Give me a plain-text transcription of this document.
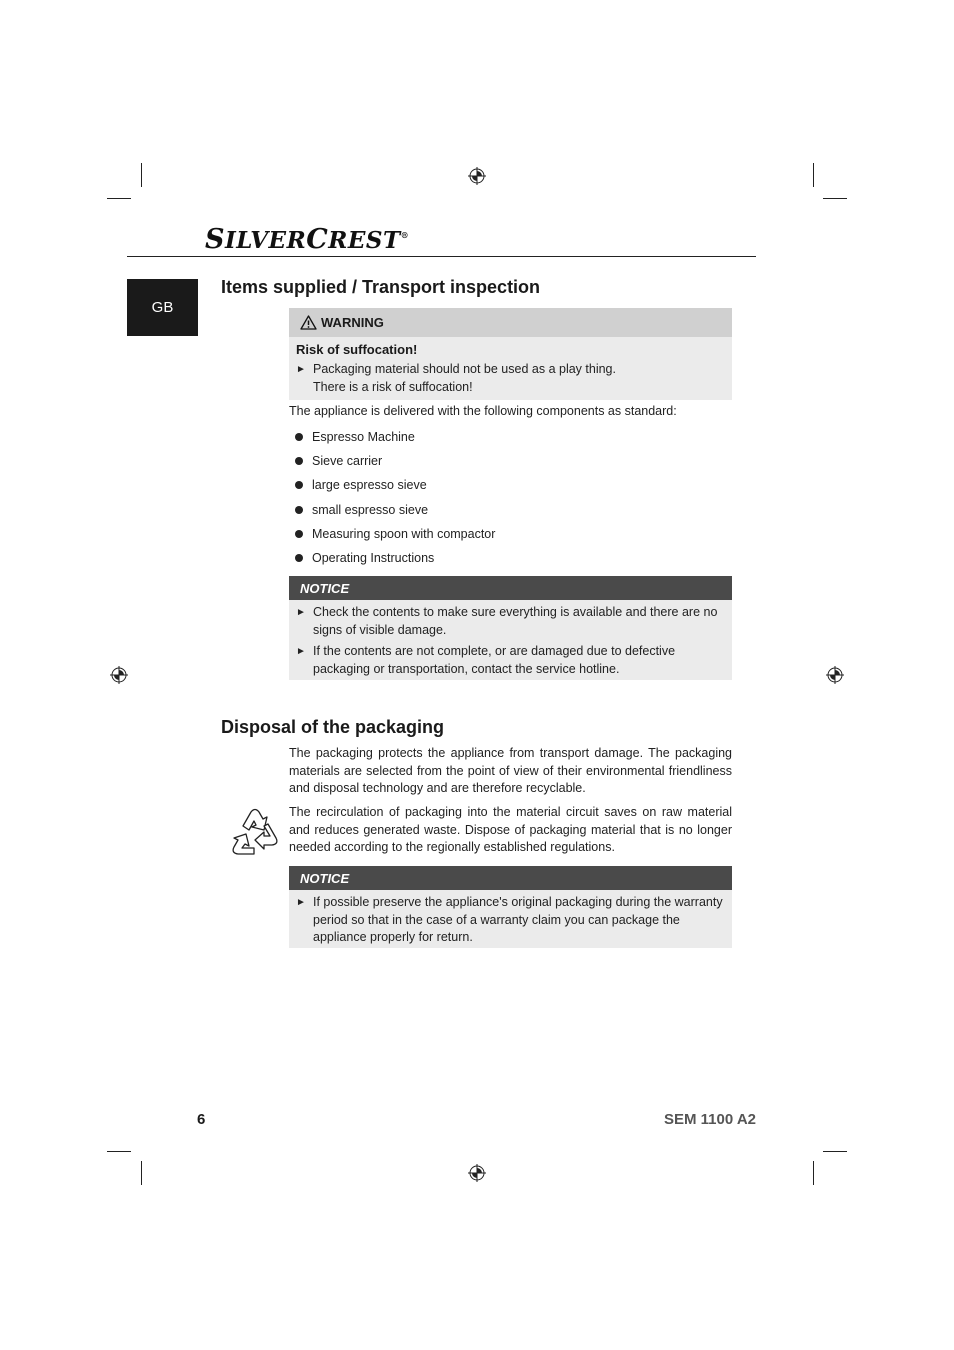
SILVERCREST®
GB
Items supplied / Transport inspection
WARNING
Risk of suffocation!
► Packaging material should not be used as a play thing.
There is a risk of suffocation!

The appliance is delivered with the following components as standard:

Espresso Machine
Sieve carrier
large espresso sieve
small espresso sieve
Measuring spoon with compactor
Operating Instructions
NOTICE
► Check the contents to make sure everything is available and there are no signs of visible damage.
► If the contents are not complete, or are damaged due to defective packaging or transportation, contact the service hotline.
Disposal of the packaging

The packaging protects the appliance from transport damage. The packaging materials are selected from the point of view of their environmental friendliness and disposal technology and are therefore recyclable.

The recirculation of packaging into the material circuit saves on raw material and reduces generated waste. Dispose of packaging material that is no longer needed according to the regionally established regulations.

NOTICE
► If possible preserve the appliance's original packaging during the warranty period so that in the case of a warranty claim you can package the appliance properly for return.
6	SEM 1100 A2
